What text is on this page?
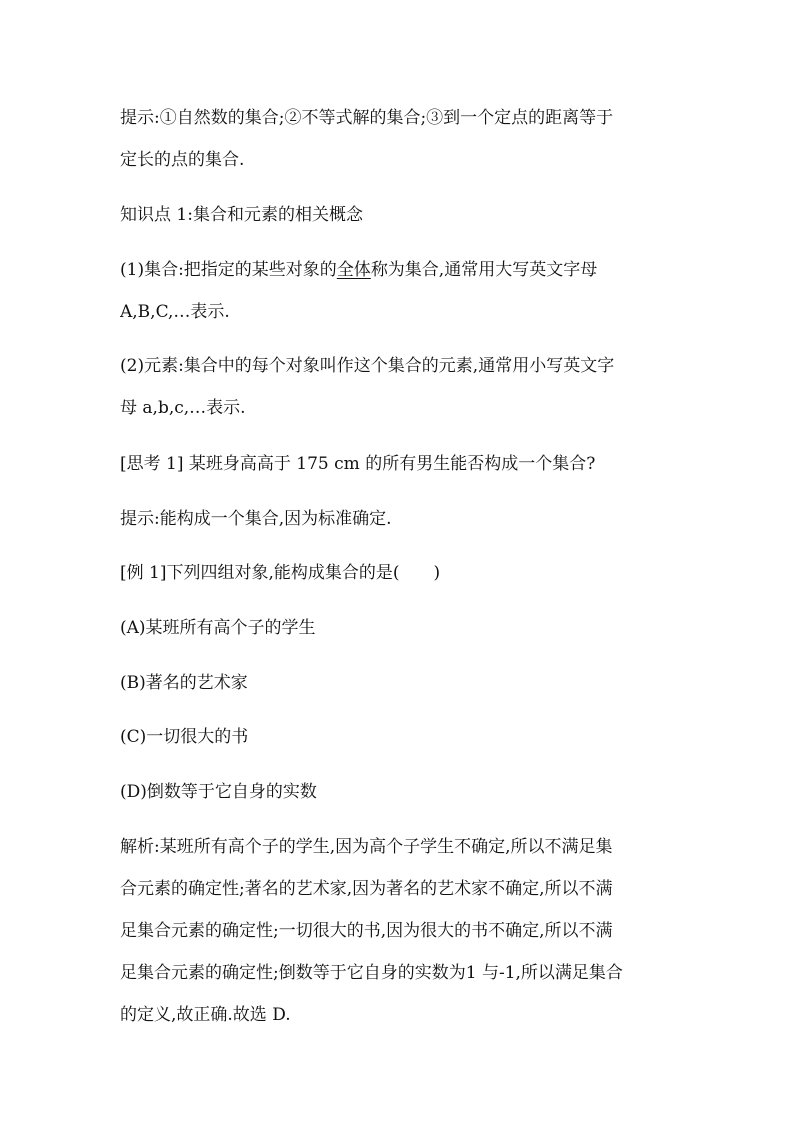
提示:①自然数的集合;②不等式解的集合;③到一个定点的距离等于
定长的点的集合.
知识点 1:集合和元素的相关概念
(1)集合:把指定的某些对象的全体称为集合,通常用大写英文字母
A,B,C,…表示.
(2)元素:集合中的每个对象叫作这个集合的元素,通常用小写英文字
母 a,b,c,…表示.
[思考 1] 某班身高高于 175 cm 的所有男生能否构成一个集合?
提示:能构成一个集合,因为标准确定.
[例 1]下列四组对象,能构成集合的是(　　)
(A)某班所有高个子的学生
(B)著名的艺术家
(C)一切很大的书
(D)倒数等于它自身的实数
解析:某班所有高个子的学生,因为高个子学生不确定,所以不满足集
合元素的确定性;著名的艺术家,因为著名的艺术家不确定,所以不满
足集合元素的确定性;一切很大的书,因为很大的书不确定,所以不满
足集合元素的确定性;倒数等于它自身的实数为1 与-1,所以满足集合
的定义,故正确.故选 D.
